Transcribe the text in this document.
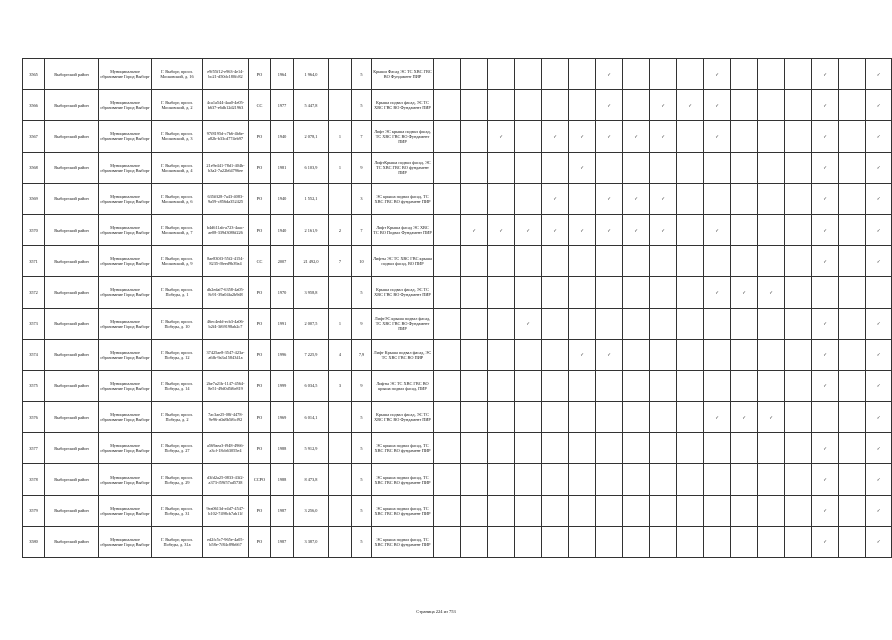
3565	Выборгский район	Муниципальное образование Город Выборг	Г. Выборг, просп. Московский, д. 16	e9f55f12-e963-4e14-bc21-d50dc180fc82	РО	1964	1 964,0		5	Крыши Фасад ЭС ТС ХВС ГВС ВО Фундамент ПИР							✓				✓				✓		✓
3566	Выборгский район	Муниципальное образование Город Выборг	Г. Выборг, просп. Московский, д. 2	4ca1a544-4aa0-4e05-b637-e6db12d21963	СС	1977	5 447,8		5	Крыша подвал фасад, ЭС ТС ХВС ГВС ВО Фундамент ПИР							✓		✓	✓	✓				✓		✓
3567	Выборгский район	Муниципальное образование Город Выборг	Г. Выборг, просп. Московский, д. 3	97f8195d-c7b6-4b6e-a82b-b33cd774eb97	РО	1940	2 078,1	1	7	Лифт ЭС крыша подвал фасад, ТС ХВС ГВС ВО Фундамент ПИР			✓		✓	✓	✓	✓	✓		✓				✓		✓
3568	Выборгский район	Муниципальное образование Город Выборг	Г. Выборг, просп. Московский, д. 4	21e9e441-78d1-404b-b3a2-7a22b64796ee	РО	1981	6 103,9	1	9	ЛифтКрыша подвал фасад, ЭС ТС ХВС ГВС ВО фундамент ПИР						✓									✓		✓
3569	Выборгский район	Муниципальное образование Город Выборг	Г. Выборг, просп. Московский, д. 6	635fff28-7a43-4083-9a59-c856da352425	РО	1940	1 552,1		3	ЭС крыша подвал фасад, ТС ХВС ГВС ВО фундамент ПИР					✓		✓	✓	✓						✓		✓
3570	Выборгский район	Муниципальное образование Город Выборг	Г. Выборг, просп. Московский, д. 7	b4d611ab-a723-4aac-ae08-339d3086f226	РО	1940	2 161,9	2	7	Лифт Крыша фасад ЭС ХВС ТС ВО Подвал Фундамент ПИР		✓	✓	✓	✓	✓	✓	✓	✓		✓				✓		✓
3571	Выборгский район	Муниципальное образование Город Выборг	Г. Выборг, просп. Московский, д. 9	8ae830f3-55f2-4154-8235-f0eed9b39a4	СС	2007	21 492,0	7	10	Лифты ЭС ТС ХВС ГВС крыша подвал фасад, ВО ПИР															✓		✓
3572	Выборгский район	Муниципальное образование Город Выборг	Г. Выборг, просп. Победы, д. 1	db2edaf7-6358-4a05-8c91-39a04fa2b9d8	РО	1970	3 958,8		5	Крыша подвал фасад, ЭС ТС ХВС ГВС ВО Фундамент ПИР											✓	✓	✓				
3573	Выборгский район	Муниципальное образование Город Выборг	Г. Выборг, просп. Победы, д. 10	46ec4edd-ecb3-4a06-b2f4-3f69198ab2c7	РО	1991	2 007,5	1	9	ЛифтЭС крыша подвал фасад, ТС ХВС ГВС ВО Фундамент ПИР				✓											✓		✓
3574	Выборгский район	Муниципальное образование Город Выборг	Г. Выборг, просп. Победы, д. 12	37425ae8-3547-423a-a6fb-9a3a1584341a	РО	1996	7 225,9	4	7,9	Лифт Крыша подвал фасад, ЭС ТС ХВС ГВС ВО ПИР						✓	✓								✓		✓
3575	Выборгский район	Муниципальное образование Город Выборг	Г. Выборг, просп. Победы, д. 14	2be7a21b-1147-4564-8e51-49d0d5f6e819	РО	1999	6 034,5	3	9	Лифты ЭС ТС ХВС ГВС ВО крыша подвал фасад, ПИР															✓		✓
3576	Выборгский район	Муниципальное образование Город Выборг	Г. Выборг, просп. Победы, д. 2	7ac3ae25-08f-4478-9e96-a0a8b5f6cf92	РО	1969	6 014,1		5	Крыша подвал фасад, ЭС ТС ХВС ГВС ВО Фундамент ПИР											✓	✓	✓				✓
3577	Выборгский район	Муниципальное образование Город Выборг	Г. Выборг, просп. Победы, д. 27	a569aea3-f948-4966-a3cf-18cb63055e4	РО	1988	5 912,9		5	ЭС крыша подвал фасад, ТС ХВС ГВС ВО фундамент ПИР															✓		✓
3578	Выборгский район	Муниципальное образование Город Выборг	Г. Выборг, просп. Победы, д. 29	d3fd2a25-0833-43f2-a373-f59f57ad5738	ССРО	1988	8 473,8		5	ЭС крыша подвал фасад, ТС ХВС ГВС ВО фундамент ПИР															✓		✓
3579	Выборгский район	Муниципальное образование Город Выборг	Г. Выборг, просп. Победы, д. 31	9ea0613d-e4d7-4547-b102-7498cb7ab11f	РО	1987	3 256,0		5	ЭС крыша подвал фасад, ТС ХВС ГВС ВО фундамент ПИР															✓		✓
3580	Выборгский район	Муниципальное образование Город Выборг	Г. Выборг, просп. Победы, д. 31а	ed2fc5c7-965e-4a05-b58e-7f84c89b667	РО	1987	3 387,0		5	ЭС крыша подвал фасад, ТС ХВС ГВС ВО фундамент ПИР															✓		✓
Страница 224 из 753
